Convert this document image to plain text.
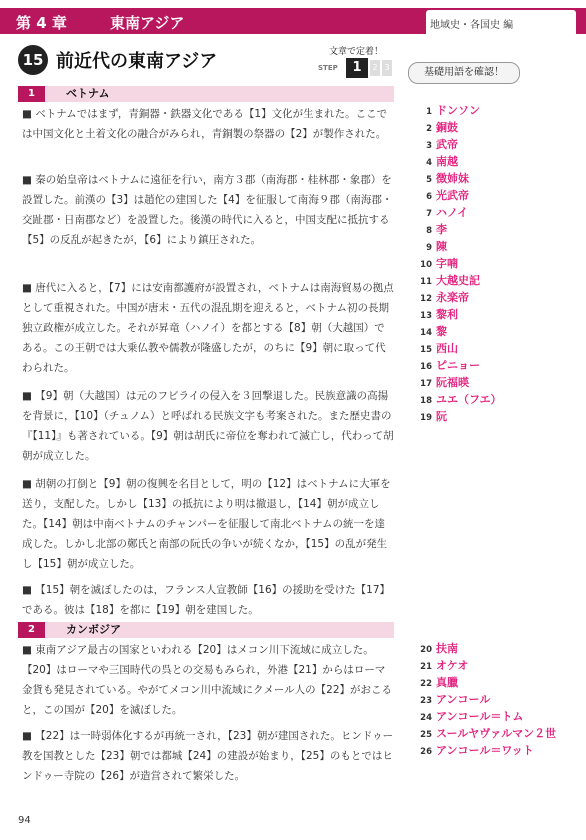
第 4 章	東南アジア	地域史・各国史 編
15 前近代の東南アジア	文章で定着！
STEP	1	2 3	基礎用語を確認！
1	ベトナム
■ ベトナムではまず，青銅器・鉄器文化である【1】文化が生まれた。ここでは中国文化と土着文化の融合がみられ，青銅製の祭器の【2】が製作された。
■ 秦の始皇帝はベトナムに遠征を行い，南方３郡（南海郡・桂林郡・象郡）を設置した。前漢の【3】は趙佗の建国した【4】を征服して南海９郡（南海郡・交趾郡・日南郡など）を設置した。後漢の時代に入ると，中国支配に抵抗する【5】の反乱が起きたが，【6】により鎮圧された。
■ 唐代に入ると，【7】には安南都護府が設置され，ベトナムは南海貿易の拠点として重視された。中国が唐末・五代の混乱期を迎えると，ベトナム初の長期独立政権が成立した。それが昇竜（ハノイ）を都とする【8】朝（大越国）である。この王朝では大乗仏教や儒教が隆盛したが，のちに【9】朝に取って代わられた。
■ 【9】朝（大越国）は元のフビライの侵入を３回撃退した。民族意識の高揚を背景に，【10】（チュノム）と呼ばれる民族文字も考案された。また歴史書の『【11】』も著されている。【9】朝は胡氏に帝位を奪われて滅亡し，代わって胡朝が成立した。
■ 胡朝の打倒と【9】朝の復興を名目として，明の【12】はベトナムに大軍を送り，支配した。しかし【13】の抵抗により明は撤退し，【14】朝が成立した。【14】朝は中南ベトナムのチャンパーを征服して南北ベトナムの統一を達成した。しかし北部の鄭氏と南部の阮氏の争いが続くなか，【15】の乱が発生し【15】朝が成立した。
■ 【15】朝を滅ぼしたのは，フランス人宣教師【16】の援助を受けた【17】である。彼は【18】を都に【19】朝を建国した。
2	カンボジア
■ 東南アジア最古の国家といわれる【20】はメコン川下流域に成立した。【20】はローマや三国時代の呉との交易もみられ，外港【21】からはローマ金貨も発見されている。やがてメコン川中流域にクメール人の【22】がおこると，この国が【20】を滅ぼした。
■ 【22】は一時弱体化するが再統一され，【23】朝が建国された。ヒンドゥー教を国教とした【23】朝では都城【24】の建設が始まり，【25】のもとではヒンドゥー寺院の【26】が造営されて繁栄した。
1 ドンソン
2 銅鼓
3 武帝
4 南越
5 徴姉妹
6 光武帝
7 ハノイ
8 李
9 陳
10 字喃
11 大越史記
12 永楽帝
13 黎利
14 黎
15 西山
16 ピニョー
17 阮福暎
18 ユエ（フエ）
19 阮
20 扶南
21 オケオ
22 真臘
23 アンコール
24 アンコール＝トム
25 スールヤヴァルマン２世
26 アンコール＝ワット
94
